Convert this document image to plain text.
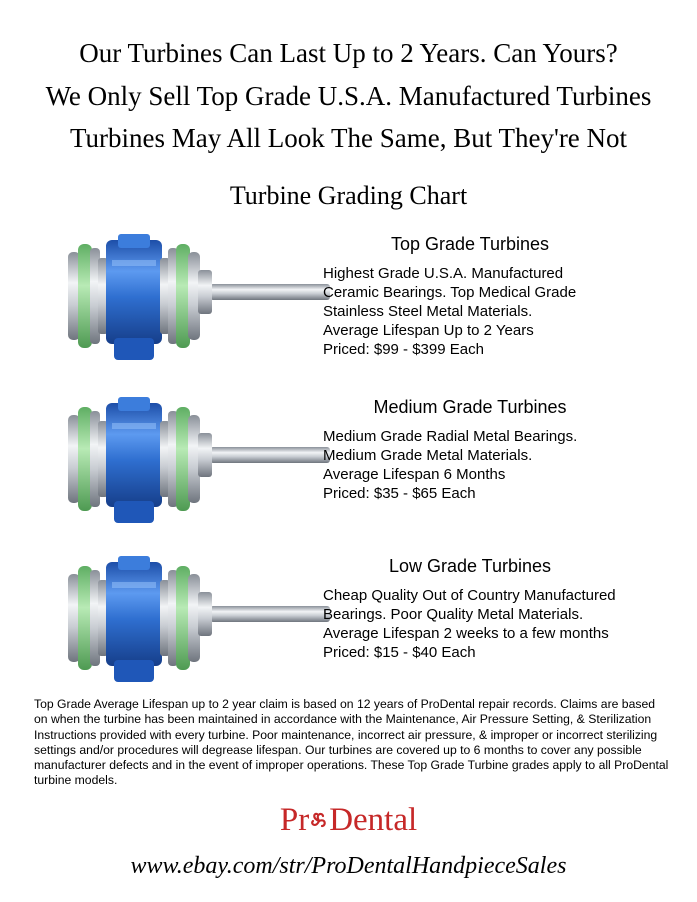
Our Turbines Can Last Up to 2 Years. Can Yours?
We Only Sell Top Grade U.S.A. Manufactured Turbines
Turbines May All Look The Same, But They're Not
Turbine Grading Chart
Top Grade Turbines
Highest Grade U.S.A. Manufactured
Ceramic Bearings. Top Medical Grade
Stainless Steel Metal Materials.
Average Lifespan Up to 2 Years
Priced: $99 - $399 Each
Medium Grade Turbines
Medium Grade Radial Metal Bearings.
Medium Grade Metal Materials.
Average Lifespan 6 Months
Priced: $35 - $65 Each
Low Grade Turbines
Cheap Quality Out of Country Manufactured
Bearings. Poor Quality Metal Materials.
Average Lifespan 2 weeks to a few months
Priced: $15 - $40 Each
Top Grade Average Lifespan up to 2 year claim is based on 12 years of ProDental repair records. Claims are based on when the turbine has been maintained in accordance with the Maintenance, Air Pressure Setting, & Sterilization Instructions provided with every turbine. Poor maintenance, incorrect air pressure, & improper or incorrect sterilizing settings and/or procedures will degrease lifespan. Our turbines are covered up to 6 months to cover any possible manufacturer defects and in the event of improper operations. These Top Grade Turbine grades apply to all ProDental turbine models.
Pr Dental
www.ebay.com/str/ProDentalHandpieceSales
